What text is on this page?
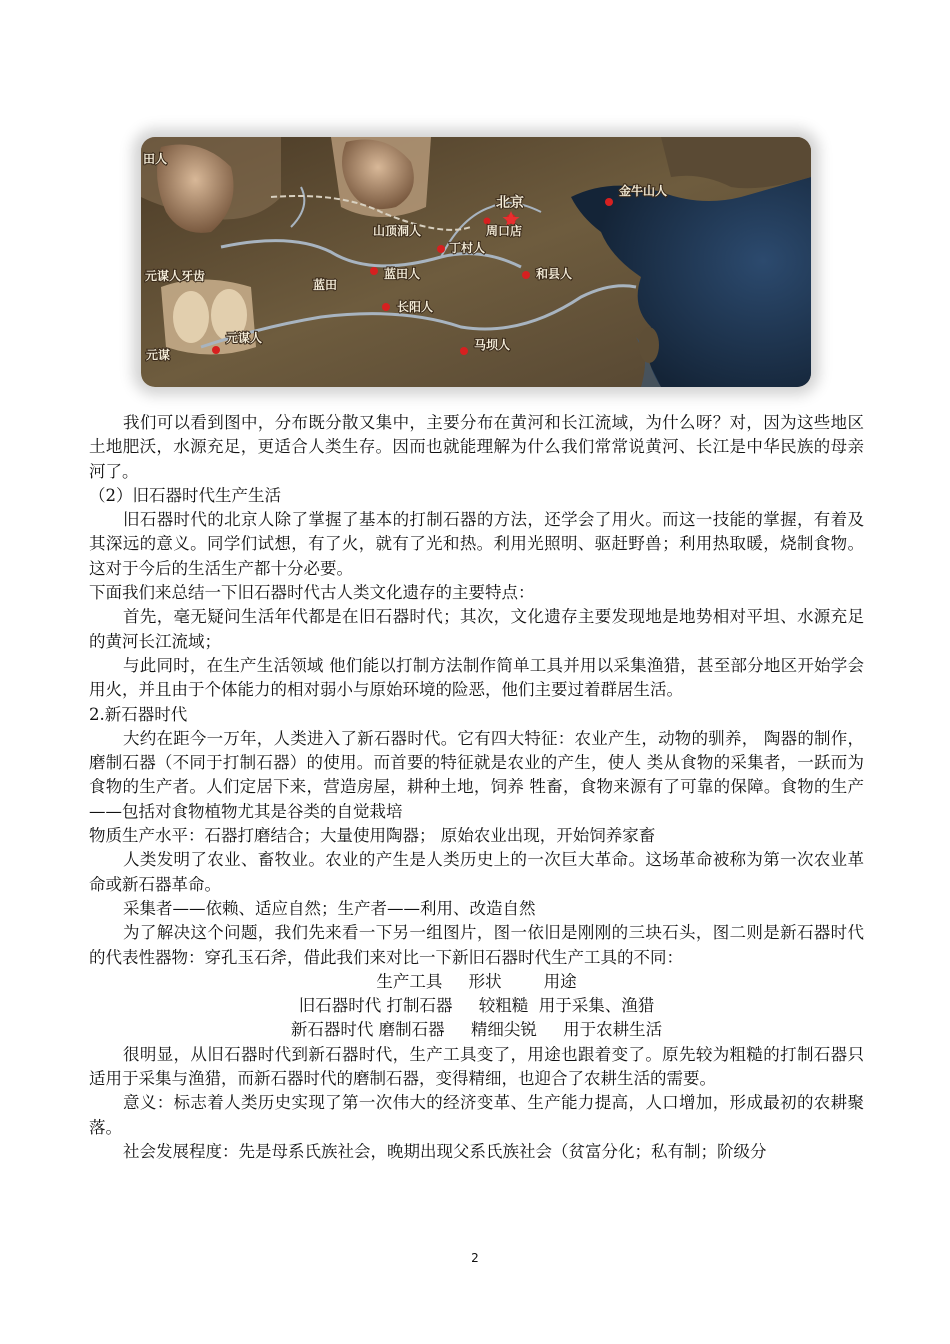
田人
北京
金牛山人
山顶洞人	周口店
丁村人
元谋人牙齿
蓝田
蓝田人	和县人
长阳人
元谋人
元谋
马坝人

我们可以看到图中，分布既分散又集中，主要分布在黄河和长江流域，为什么呀？对，因为这些地区土地肥沃，水源充足，更适合人类生存。因而也就能理解为什么我们常常说黄河、长江是中华民族的母亲河了。

（2）旧石器时代生产生活

旧石器时代的北京人除了掌握了基本的打制石器的方法，还学会了用火。而这一技能的掌握，有着及其深远的意义。同学们试想，有了火，就有了光和热。利用光照明、驱赶野兽；利用热取暖，烧制食物。这对于今后的生活生产都十分必要。

下面我们来总结一下旧石器时代古人类文化遗存的主要特点：

首先，毫无疑问生活年代都是在旧石器时代；其次，文化遗存主要发现地是地势相对平坦、水源充足的黄河长江流域；

与此同时，在生产生活领域 他们能以打制方法制作简单工具并用以采集渔猎，甚至部分地区开始学会用火，并且由于个体能力的相对弱小与原始环境的险恶，他们主要过着群居生活。

2.新石器时代

大约在距今一万年，人类进入了新石器时代。它有四大特征：农业产生，动物的驯养， 陶器的制作，磨制石器（不同于打制石器）的使用。而首要的特征就是农业的产生，使人 类从食物的采集者，一跃而为食物的生产者。人们定居下来，营造房屋，耕种土地，饲养 牲畜，食物来源有了可靠的保障。食物的生产——包括对食物植物尤其是谷类的自觉栽培

物质生产水平：石器打磨结合；大量使用陶器； 原始农业出现，开始饲养家畜

人类发明了农业、畜牧业。农业的产生是人类历史上的一次巨大革命。这场革命被称为第一次农业革命或新石器革命。

采集者——依赖、适应自然；生产者——利用、改造自然

为了解决这个问题，我们先来看一下另一组图片，图一依旧是刚刚的三块石头，图二则是新石器时代的代表性器物：穿孔玉石斧，借此我们来对比一下新旧石器时代生产工具的不同：

生产工具     形状        用途

旧石器时代 打制石器     较粗糙  用于采集、渔猎

新石器时代 磨制石器     精细尖锐     用于农耕生活

很明显，从旧石器时代到新石器时代，生产工具变了，用途也跟着变了。原先较为粗糙的打制石器只适用于采集与渔猎，而新石器时代的磨制石器，变得精细，也迎合了农耕生活的需要。

意义：标志着人类历史实现了第一次伟大的经济变革、生产能力提高，人口增加，形成最初的农耕聚落。

社会发展程度：先是母系氏族社会，晚期出现父系氏族社会（贫富分化；私有制；阶级分

2
